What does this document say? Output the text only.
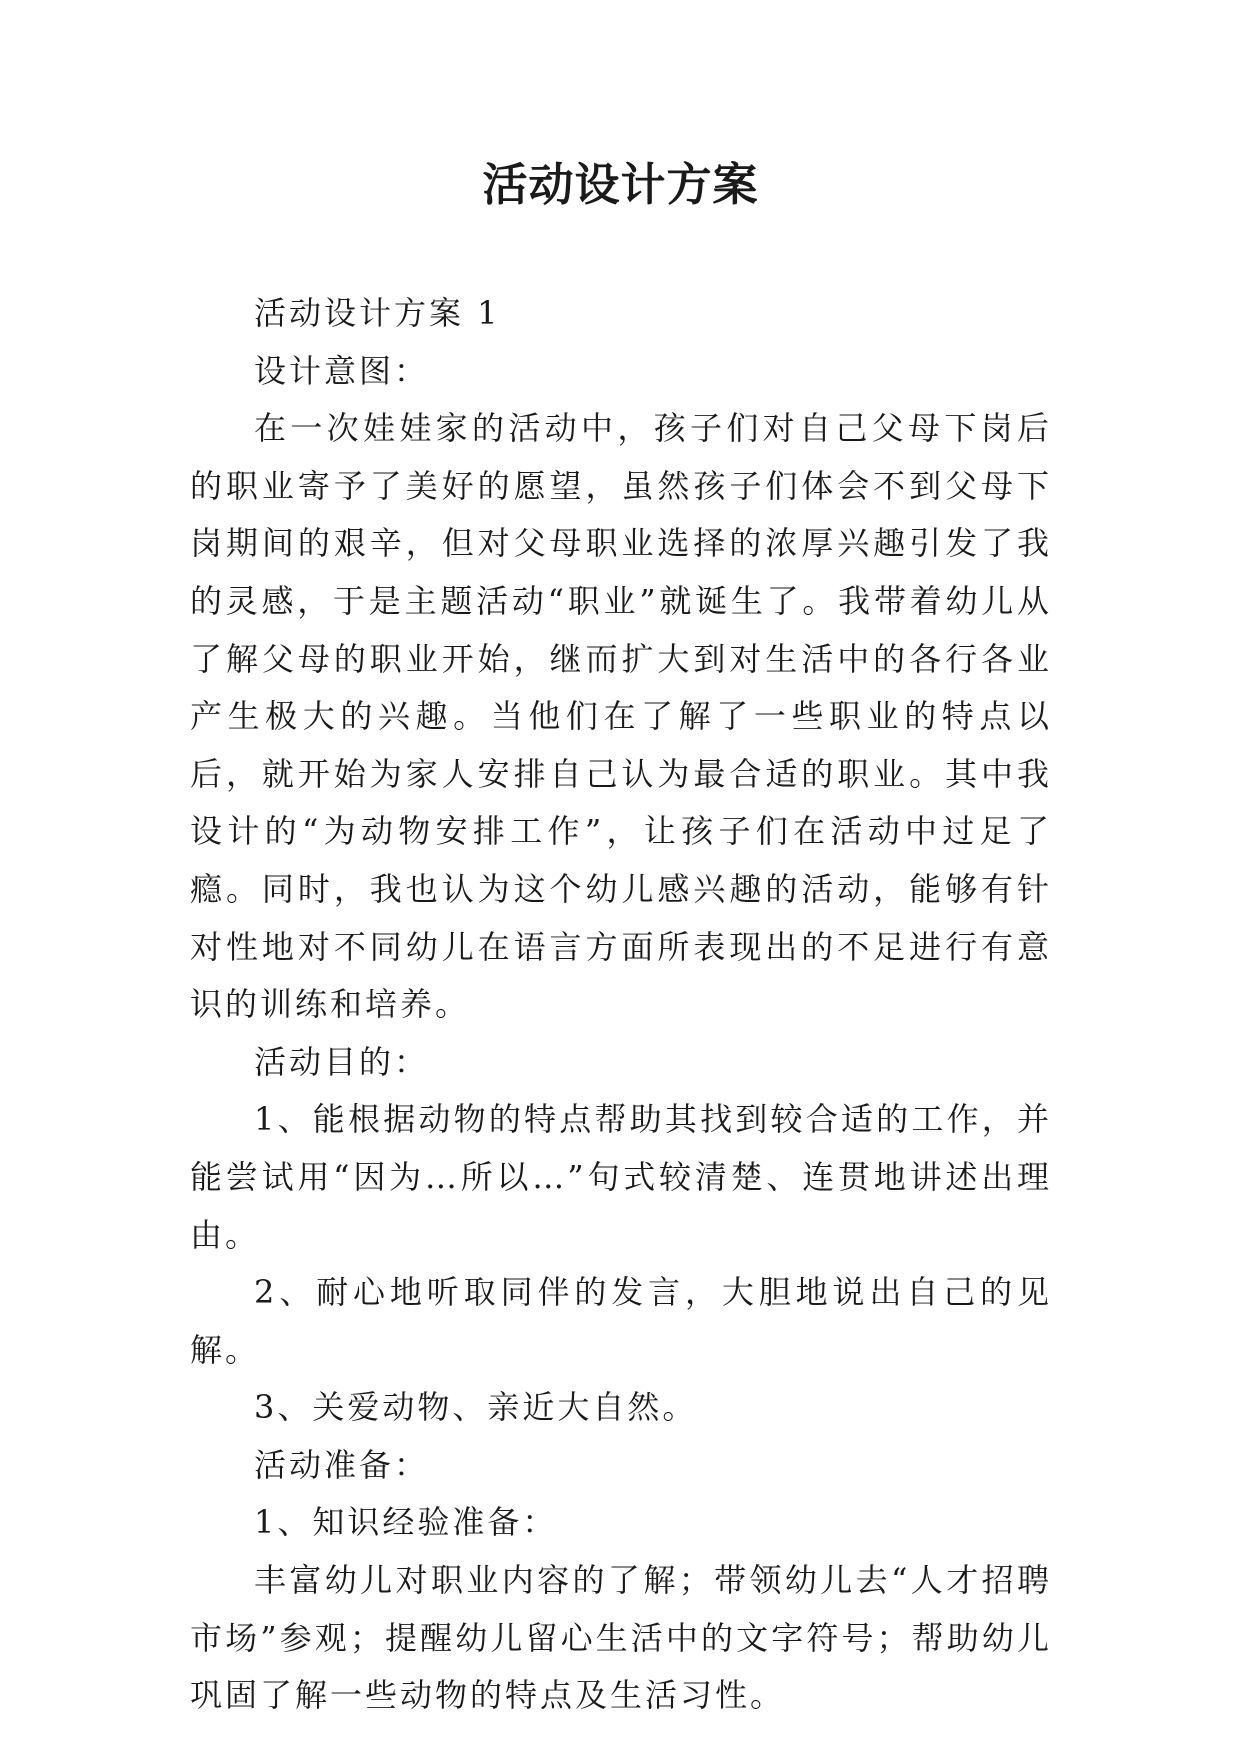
活动设计方案

活动设计方案 1

设计意图：

在一次娃娃家的活动中，孩子们对自己父母下岗后的职业寄予了美好的愿望，虽然孩子们体会不到父母下岗期间的艰辛，但对父母职业选择的浓厚兴趣引发了我的灵感，于是主题活动“职业”就诞生了。我带着幼儿从了解父母的职业开始，继而扩大到对生活中的各行各业产生极大的兴趣。当他们在了解了一些职业的特点以后，就开始为家人安排自己认为最合适的职业。其中我设计的“为动物安排工作”，让孩子们在活动中过足了瘾。同时，我也认为这个幼儿感兴趣的活动，能够有针对性地对不同幼儿在语言方面所表现出的不足进行有意识的训练和培养。

活动目的：

1、能根据动物的特点帮助其找到较合适的工作，并能尝试用“因为…所以…”句式较清楚、连贯地讲述出理由。

2、耐心地听取同伴的发言，大胆地说出自己的见解。

3、关爱动物、亲近大自然。

活动准备：

1、知识经验准备：

丰富幼儿对职业内容的了解；带领幼儿去“人才招聘市场”参观；提醒幼儿留心生活中的文字符号；帮助幼儿巩固了解一些动物的特点及生活习性。
